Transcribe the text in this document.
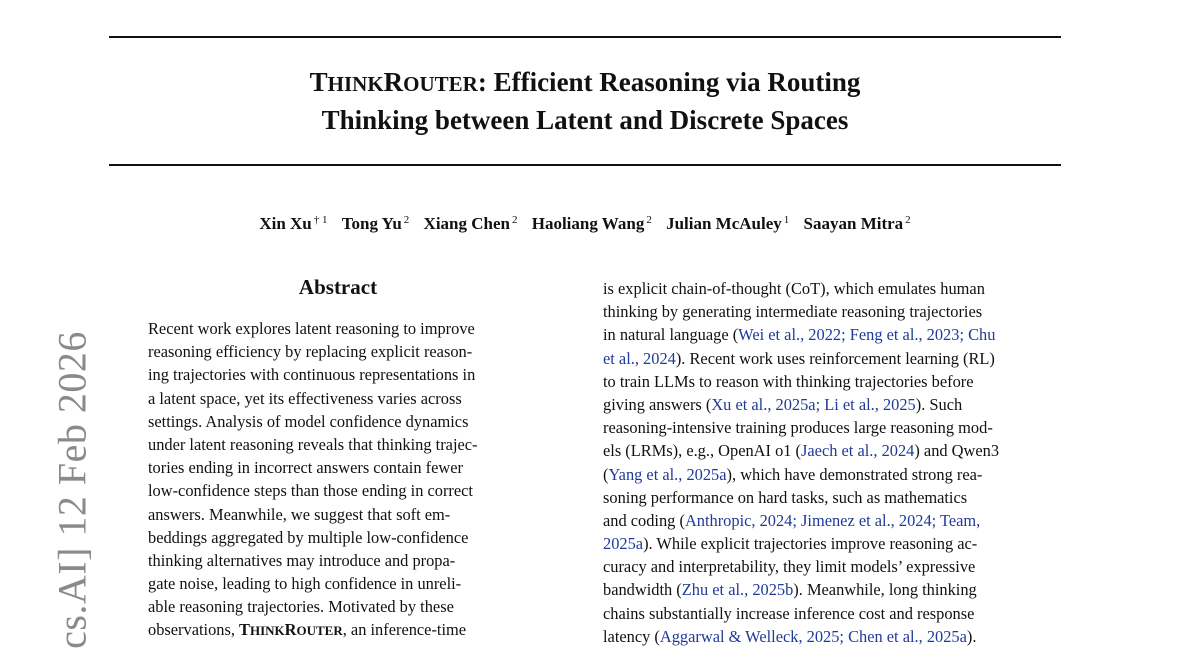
cs.AI] 12 Feb 2026
THINKROUTER: Efficient Reasoning via Routing
Thinking between Latent and Discrete Spaces
Xin Xu $^{\dagger 1}$ Tong Yu $^2$ Xiang Chen $^2$ Haoliang Wang $^2$ Julian McAuley $^1$ Saayan Mitra $^2$
Abstract
Recent work explores latent reasoning to improve
reasoning efficiency by replacing explicit reason-
ing trajectories with continuous representations in
a latent space, yet its effectiveness varies across
settings. Analysis of model confidence dynamics
under latent reasoning reveals that thinking trajec-
tories ending in incorrect answers contain fewer
low-confidence steps than those ending in correct
answers. Meanwhile, we suggest that soft em-
beddings aggregated by multiple low-confidence
thinking alternatives may introduce and propa-
gate noise, leading to high confidence in unreli-
able reasoning trajectories. Motivated by these
observations, THINKROUTER, an inference-time
is explicit chain-of-thought (CoT), which emulates human
thinking by generating intermediate reasoning trajectories
in natural language (Wei et al., 2022; Feng et al., 2023; Chu
et al., 2024). Recent work uses reinforcement learning (RL)
to train LLMs to reason with thinking trajectories before
giving answers (Xu et al., 2025a; Li et al., 2025). Such
reasoning-intensive training produces large reasoning mod-
els (LRMs), e.g., OpenAI o1 (Jaech et al., 2024) and Qwen3
(Yang et al., 2025a), which have demonstrated strong rea-
soning performance on hard tasks, such as mathematics
and coding (Anthropic, 2024; Jimenez et al., 2024; Team,
2025a). While explicit trajectories improve reasoning ac-
curacy and interpretability, they limit models’ expressive
bandwidth (Zhu et al., 2025b). Meanwhile, long thinking
chains substantially increase inference cost and response
latency (Aggarwal & Welleck, 2025; Chen et al., 2025a).
